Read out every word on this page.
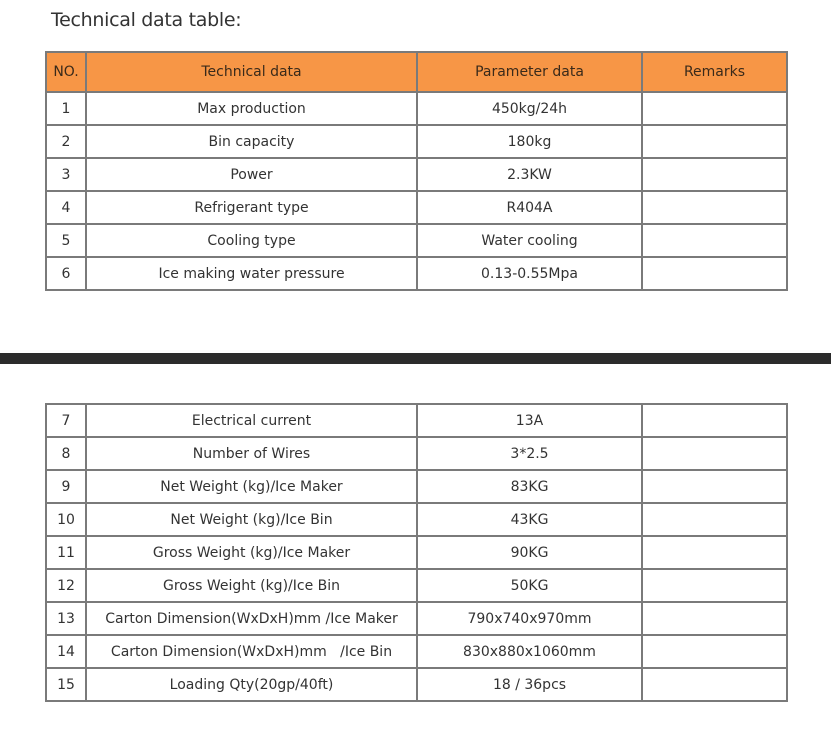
Technical data table:
NO.	Technical data	Parameter data	Remarks
1	Max production	450kg/24h	
2	Bin capacity	180kg	
3	Power	2.3KW	
4	Refrigerant type	R404A	
5	Cooling type	Water cooling	
6	Ice making water pressure	0.13-0.55Mpa	
7	Electrical current	13A	
8	Number of Wires	3*2.5	
9	Net Weight (kg)/Ice Maker	83KG	
10	Net Weight (kg)/Ice Bin	43KG	
11	Gross Weight (kg)/Ice Maker	90KG	
12	Gross Weight (kg)/Ice Bin	50KG	
13	Carton Dimension(WxDxH)mm /Ice Maker	790x740x970mm	
14	Carton Dimension(WxDxH)mm   /Ice Bin	830x880x1060mm	
15	Loading Qty(20gp/40ft)	18 / 36pcs	
